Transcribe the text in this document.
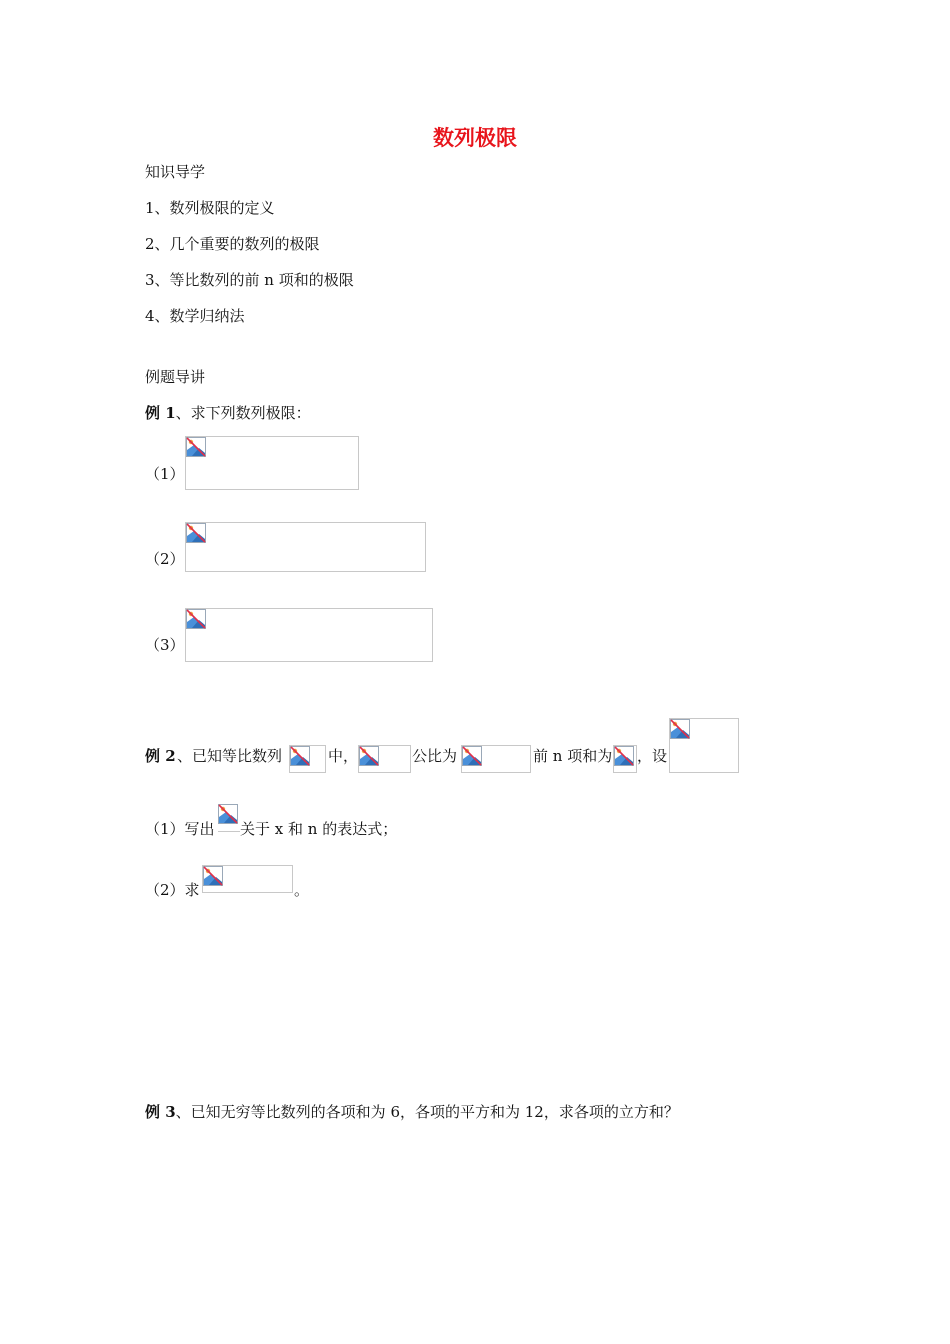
数列极限
知识导学
1、数列极限的定义
2、几个重要的数列的极限
3、等比数列的前 n 项和的极限
4、数学归纳法
例题导讲
例 1、求下列数列极限：
（1）
（2）
（3）
例 2 、已知等比数列	中，	公比为	前 n 项和为 ，设
（1）写出 关于 x 和 n 的表达式；
（2）求	。
例 3、已知无穷等比数列的各项和为 6，各项的平方和为 12，求各项的立方和？
